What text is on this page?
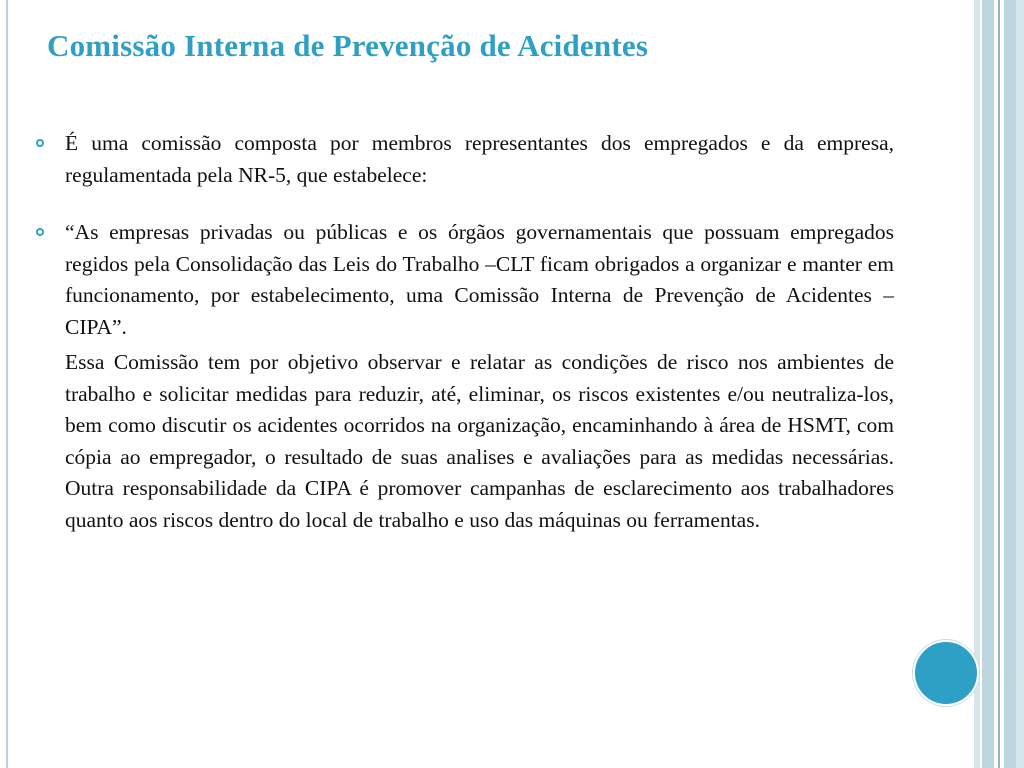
Comissão Interna de Prevenção de Acidentes
É uma comissão composta por membros representantes dos empregados e da empresa, regulamentada pela NR-5, que estabelece:
“As empresas privadas ou públicas e os órgãos governamentais que possuam empregados regidos pela Consolidação das Leis do Trabalho –CLT ficam obrigados a organizar e manter em funcionamento, por estabelecimento, uma Comissão Interna de Prevenção de Acidentes – CIPA”.
Essa Comissão tem por objetivo observar e relatar as condições de risco nos ambientes de trabalho e solicitar medidas para reduzir, até, eliminar, os riscos existentes e/ou neutraliza-los, bem como discutir os acidentes ocorridos na organização, encaminhando à área de HSMT, com cópia ao empregador, o resultado de suas analises e avaliações para as medidas necessárias. Outra responsabilidade da CIPA é promover campanhas de esclarecimento aos trabalhadores quanto aos riscos dentro do local de trabalho e uso das máquinas ou ferramentas.
